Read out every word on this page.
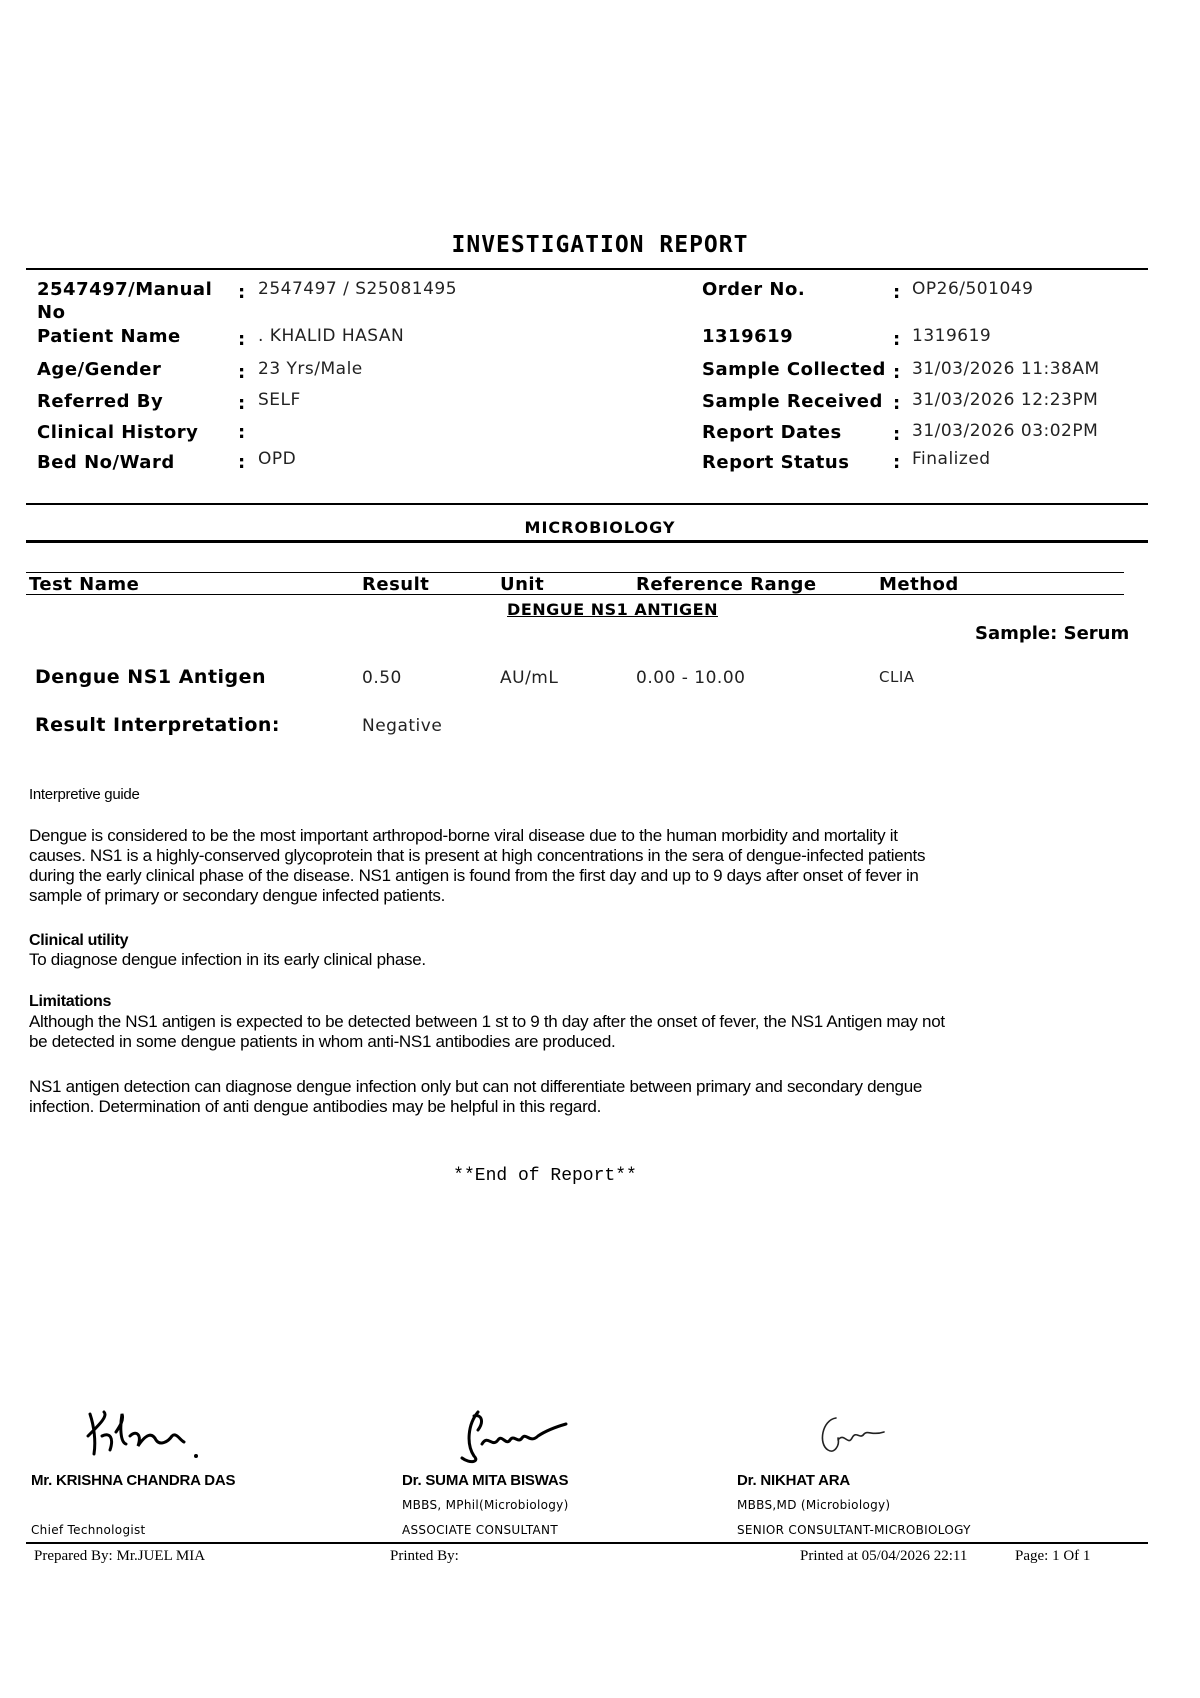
INVESTIGATION REPORT
2547497/Manual
No
: 2547497 / S25081495
Patient Name	: . KHALID HASAN
Age/Gender	: 23 Yrs/Male
Referred By	: SELF
Clinical History :
Bed No/Ward	: OPD
Order No.	: OP26/501049
1319619	: 1319619
Sample Collected : 31/03/2026 11:38AM
Sample Received : 31/03/2026 12:23PM
Report Dates	: 31/03/2026 03:02PM
Report Status : Finalized
MICROBIOLOGY
Test Name	Result	Unit	Reference Range	Method
DENGUE NS1 ANTIGEN
Sample: Serum
Dengue NS1 Antigen	0.50	AU/mL	0.00 - 10.00	CLIA
Result Interpretation:	Negative
Interpretive guide
Dengue is considered to be the most important arthropod-borne viral disease due to the human morbidity and mortality it
causes. NS1 is a highly-conserved glycoprotein that is present at high concentrations in the sera of dengue-infected patients
during the early clinical phase of the disease. NS1 antigen is found from the first day and up to 9 days after onset of fever in
sample of primary or secondary dengue infected patients.
Clinical utility
To diagnose dengue infection in its early clinical phase.
Limitations
Although the NS1 antigen is expected to be detected between 1 st to 9 th day after the onset of fever, the NS1 Antigen may not
be detected in some dengue patients in whom anti-NS1 antibodies are produced.
NS1 antigen detection can diagnose dengue infection only but can not differentiate between primary and secondary dengue
infection. Determination of anti dengue antibodies may be helpful in this regard.
**End of Report**
Mr. KRISHNA CHANDRA DAS
Chief Technologist
Dr. SUMA MITA BISWAS
MBBS, MPhil(Microbiology)
ASSOCIATE CONSULTANT
Dr. NIKHAT ARA
MBBS,MD (Microbiology)
SENIOR CONSULTANT-MICROBIOLOGY
Prepared By: Mr.JUEL MIA	Printed By:	Printed at 05/04/2026 22:11	Page: 1 Of 1
